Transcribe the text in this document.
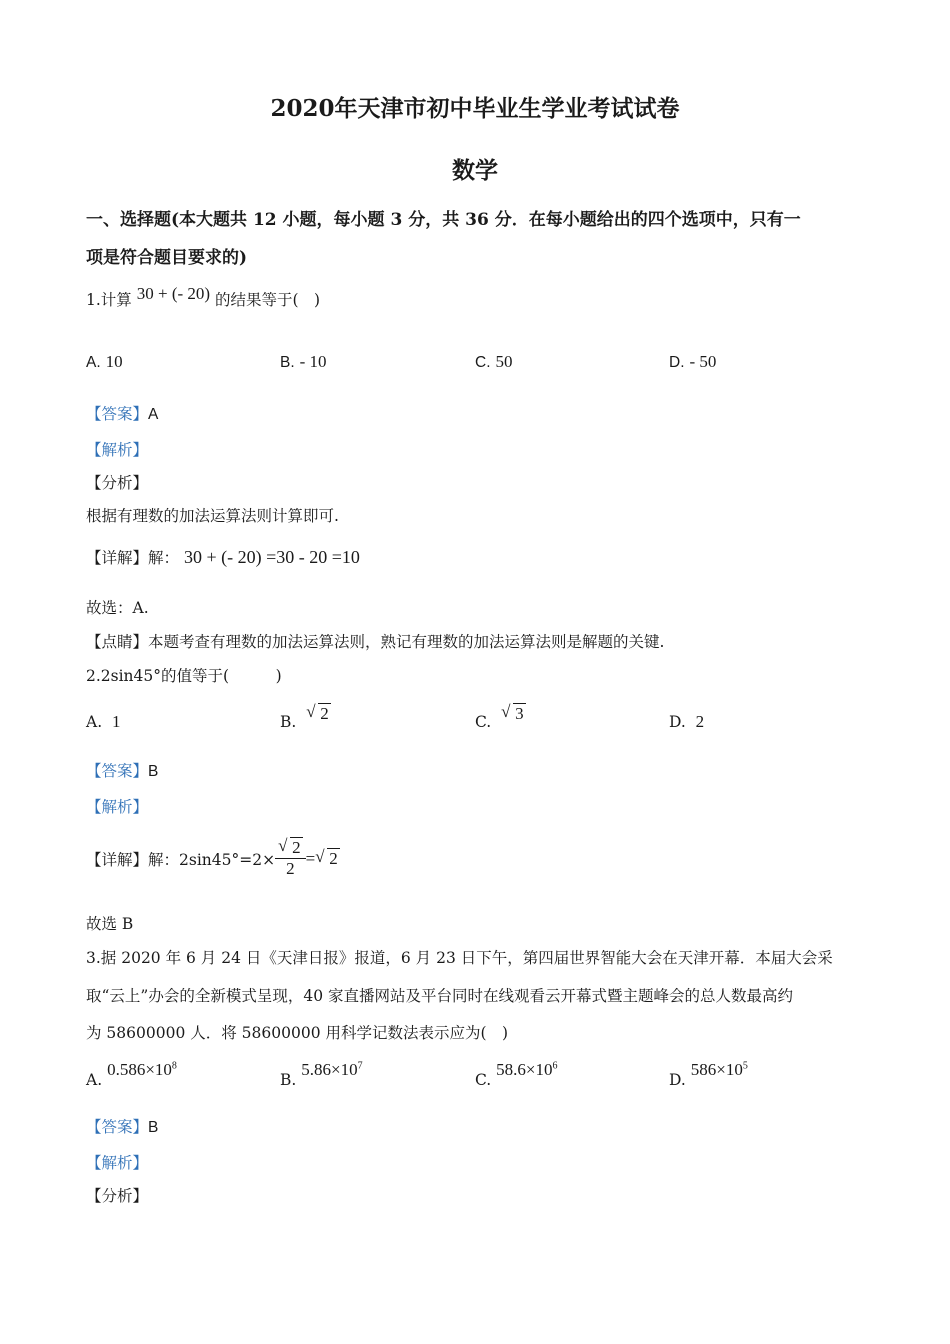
2020年天津市初中毕业生学业考试试卷
数学
一、选择题(本大题共 12 小题，每小题 3 分，共 36 分．在每小题给出的四个选项中，只有一
项是符合题目要求的)
1.计算 30 + (- 20) 的结果等于(　)
A. 10	B. - 10	C. 50	D. - 50
【答案】A
【解析】
【分析】
根据有理数的加法运算法则计算即可.
【详解】解： 30 + (- 20) =30 - 20 =10
故选：A.
【点睛】本题考查有理数的加法运算法则，熟记有理数的加法运算法则是解题的关键.
2.2sin45°的值等于(　　　)
A. 1	B. √ 2	C. √ 3	D. 2
【答案】B
【解析】
【详解】 解：2sin45°=2× √ $\frac{2}{2}$ = √ 2
故选 B
3.据 2020 年 6 月 24 日《天津日报》报道，6 月 23 日下午，第四届世界智能大会在天津开幕．本届大会采
取“云上”办会的全新模式呈现，40 家直播网站及平台同时在线观看云开幕式暨主题峰会的总人数最高约
为 58600000 人．将 58600000 用科学记数法表示应为(　)
A. $0.586\times 10^8$
B. $5.86\times 10^7$
C. $58.6\times 10^6$
D. $586\times 10^5$
【答案】B
【解析】
【分析】
